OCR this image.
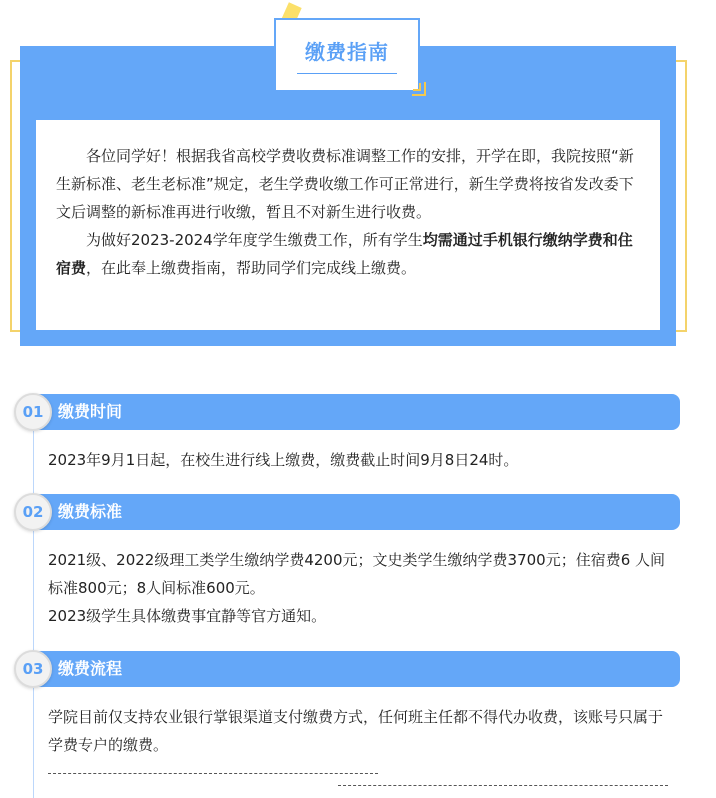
缴费指南

各位同学好！根据我省高校学费收费标准调整工作的安排，开学在即，我院按照“新生新标准、老生老标准”规定，老生学费收缴工作可正常进行，新生学费将按省发改委下文后调整的新标准再进行收缴，暂且不对新生进行收费。

为做好2023-2024学年度学生缴费工作，所有学生均需通过手机银行缴纳学费和住宿费，在此奉上缴费指南，帮助同学们完成线上缴费。

缴费时间
01

2023年9月1日起，在校生进行线上缴费，缴费截止时间9月8日24时。

缴费标准
02

2021级、2022级理工类学生缴纳学费4200元；文史类学生缴纳学费3700元；住宿费6 人间标准800元；8人间标准600元。

2023级学生具体缴费事宜静等官方通知。

缴费流程
03

学院目前仅支持农业银行掌银渠道支付缴费方式，任何班主任都不得代办收费，该账号只属于学费专户的缴费。
